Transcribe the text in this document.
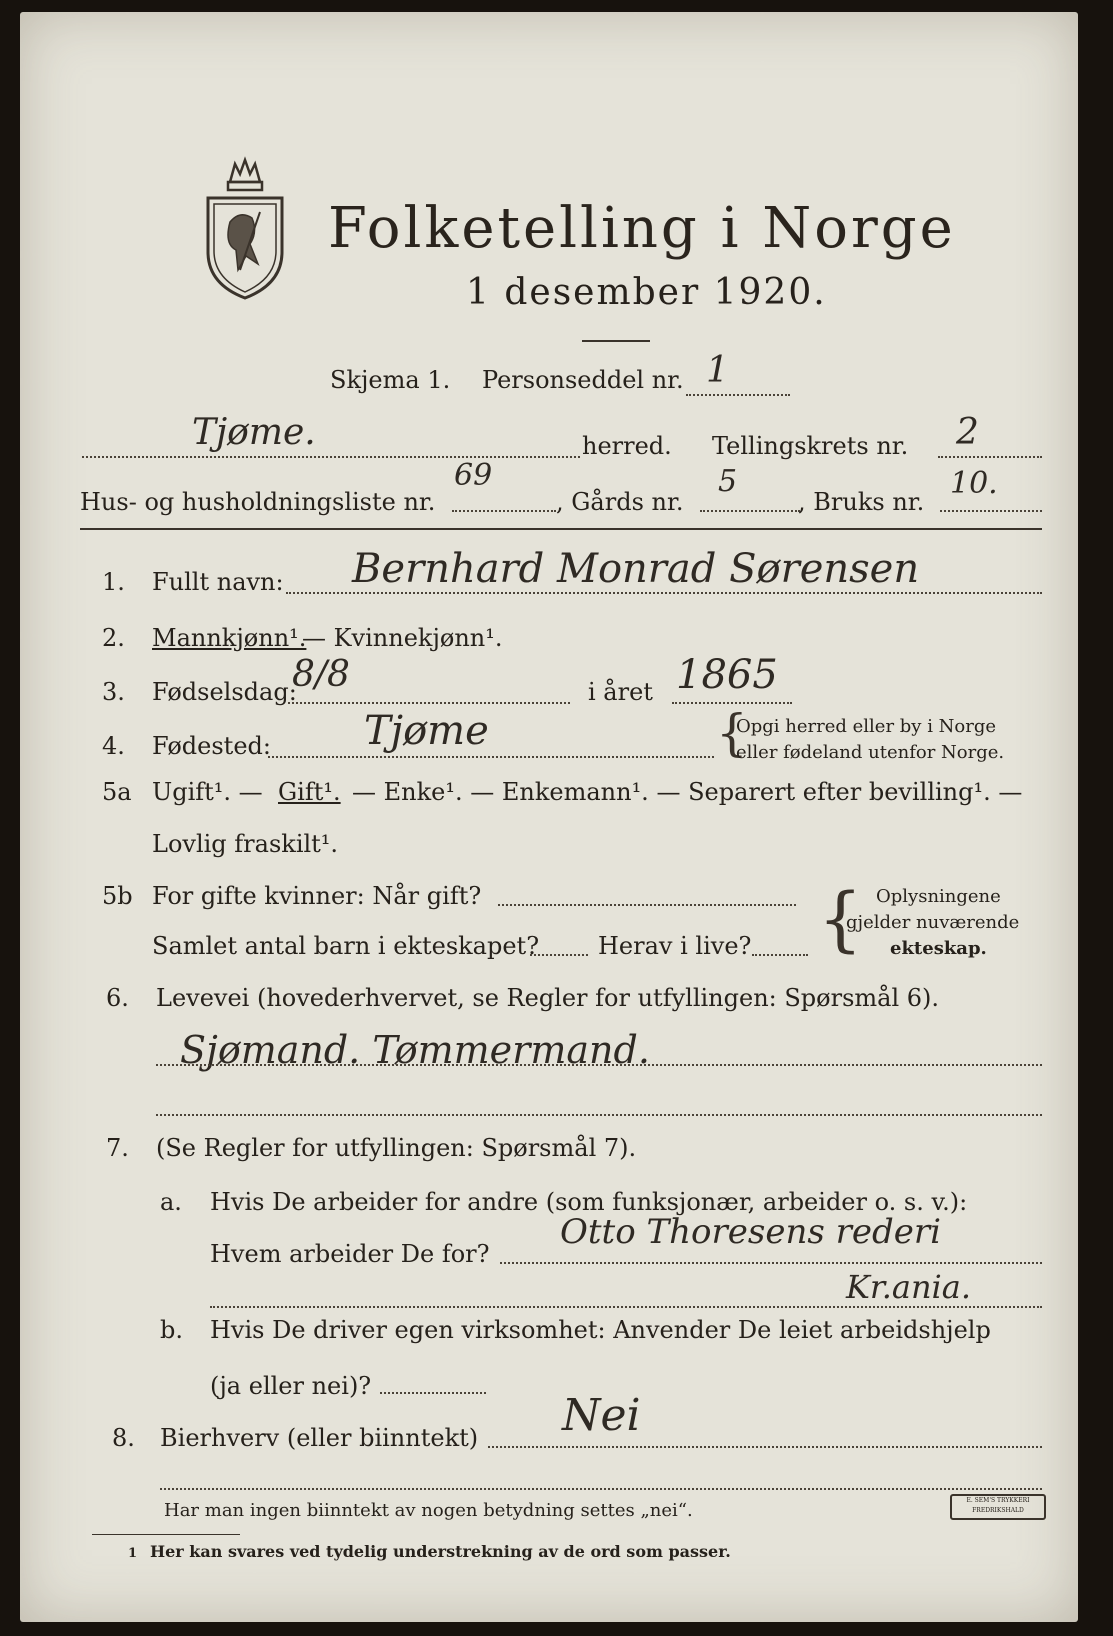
Folketelling i Norge
1 desember 1920.
Skjema 1. Personseddel nr. 1
Tjøme.	herred. Tellingskrets nr. 2
Hus- og husholdningsliste nr.
69
, Gårds nr.
5
, Bruks nr.
10.
1. Fullt navn: Bernhard Monrad Sørensen
2. Mannkjønn¹.
— Kvinnekjønn¹.
3. Fødselsdag:
8/8	i året 1865
4. Fødested: Tjøme	{
Opgi herred eller by i Norge
eller fødeland utenfor Norge.
5a Ugift¹. — Gift¹. — Enke¹. — Enkemann¹. — Separert efter bevilling¹. —
Lovlig fraskilt¹.
5b For gifte kvinner: Når gift?
Samlet antal barn i ekteskapet? Herav i live? { Oplysningene
gjelder nuværende
ekteskap.
6. Levevei (hovederhvervet, se Regler for utfyllingen: Spørsmål 6).
Sjømand. Tømmermand.
7. (Se Regler for utfyllingen: Spørsmål 7).
a. Hvis De arbeider for andre (som funksjonær, arbeider o. s. v.):
Hvem arbeider De for?
Otto Thoresens rederi
Kr.ania.
b. Hvis De driver egen virksomhet: Anvender De leiet arbeidshjelp
(ja eller nei)?
8. Bierhverv (eller biinntekt) Nei
Har man ingen biinntekt av nogen betydning settes „nei“.
1 Her kan svares ved tydelig understrekning av de ord som passer.
E. SEM'S TRYKKERI
FREDRIKSHALD
